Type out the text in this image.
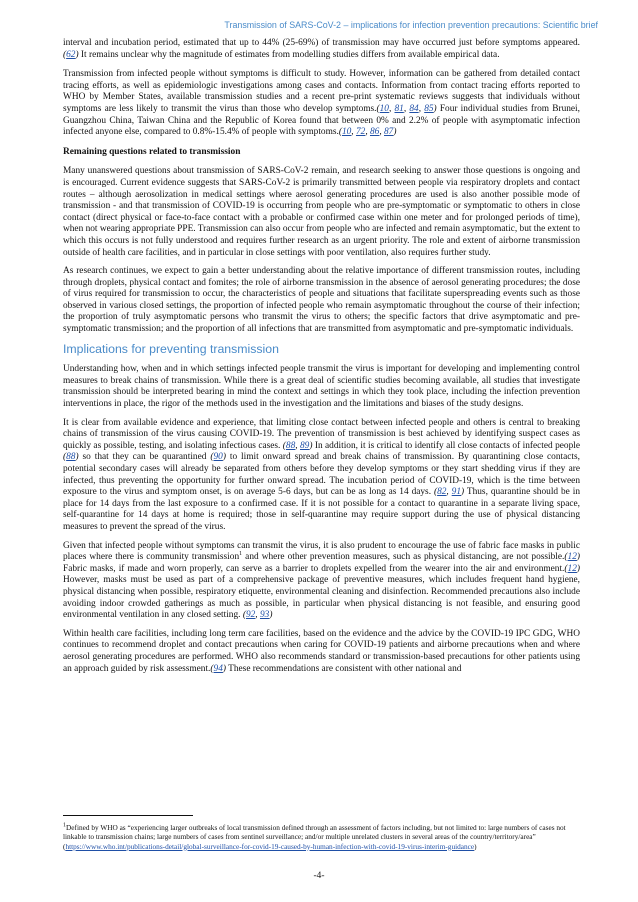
Transmission of SARS-CoV-2 – implications for infection prevention precautions: Scientific brief

interval and incubation period, estimated that up to 44% (25-69%) of transmission may have occurred just before symptoms appeared.(62) It remains unclear why the magnitude of estimates from modelling studies differs from available empirical data.

Transmission from infected people without symptoms is difficult to study. However, information can be gathered from detailed contact tracing efforts, as well as epidemiologic investigations among cases and contacts. Information from contact tracing efforts reported to WHO by Member States, available transmission studies and a recent pre-print systematic reviews suggests that individuals without symptoms are less likely to transmit the virus than those who develop symptoms.(10, 81, 84, 85) Four individual studies from Brunei, Guangzhou China, Taiwan China and the Republic of Korea found that between 0% and 2.2% of people with asymptomatic infection infected anyone else, compared to 0.8%-15.4% of people with symptoms.(10, 72, 86, 87)

Remaining questions related to transmission

Many unanswered questions about transmission of SARS-CoV-2 remain, and research seeking to answer those questions is ongoing and is encouraged. Current evidence suggests that SARS-CoV-2 is primarily transmitted between people via respiratory droplets and contact routes – although aerosolization in medical settings where aerosol generating procedures are used is also another possible mode of transmission - and that transmission of COVID-19 is occurring from people who are pre-symptomatic or symptomatic to others in close contact (direct physical or face-to-face contact with a probable or confirmed case within one meter and for prolonged periods of time), when not wearing appropriate PPE. Transmission can also occur from people who are infected and remain asymptomatic, but the extent to which this occurs is not fully understood and requires further research as an urgent priority. The role and extent of airborne transmission outside of health care facilities, and in particular in close settings with poor ventilation, also requires further study.

As research continues, we expect to gain a better understanding about the relative importance of different transmission routes, including through droplets, physical contact and fomites; the role of airborne transmission in the absence of aerosol generating procedures; the dose of virus required for transmission to occur, the characteristics of people and situations that facilitate superspreading events such as those observed in various closed settings, the proportion of infected people who remain asymptomatic throughout the course of their infection; the proportion of truly asymptomatic persons who transmit the virus to others; the specific factors that drive asymptomatic and pre-symptomatic transmission; and the proportion of all infections that are transmitted from asymptomatic and pre-symptomatic individuals.

Implications for preventing transmission

Understanding how, when and in which settings infected people transmit the virus is important for developing and implementing control measures to break chains of transmission. While there is a great deal of scientific studies becoming available, all studies that investigate transmission should be interpreted bearing in mind the context and settings in which they took place, including the infection prevention interventions in place, the rigor of the methods used in the investigation and the limitations and biases of the study designs.

It is clear from available evidence and experience, that limiting close contact between infected people and others is central to breaking chains of transmission of the virus causing COVID-19. The prevention of transmission is best achieved by identifying suspect cases as quickly as possible, testing, and isolating infectious cases. (88, 89) In addition, it is critical to identify all close contacts of infected people (88) so that they can be quarantined (90) to limit onward spread and break chains of transmission. By quarantining close contacts, potential secondary cases will already be separated from others before they develop symptoms or they start shedding virus if they are infected, thus preventing the opportunity for further onward spread. The incubation period of COVID-19, which is the time between exposure to the virus and symptom onset, is on average 5-6 days, but can be as long as 14 days. (82, 91) Thus, quarantine should be in place for 14 days from the last exposure to a confirmed case. If it is not possible for a contact to quarantine in a separate living space, self-quarantine for 14 days at home is required; those in self-quarantine may require support during the use of physical distancing measures to prevent the spread of the virus.

Given that infected people without symptoms can transmit the virus, it is also prudent to encourage the use of fabric face masks in public places where there is community transmission$^1$ and where other prevention measures, such as physical distancing, are not possible.(12) Fabric masks, if made and worn properly, can serve as a barrier to droplets expelled from the wearer into the air and environment.(12) However, masks must be used as part of a comprehensive package of preventive measures, which includes frequent hand hygiene, physical distancing when possible, respiratory etiquette, environmental cleaning and disinfection. Recommended precautions also include avoiding indoor crowded gatherings as much as possible, in particular when physical distancing is not feasible, and ensuring good environmental ventilation in any closed setting. (92, 93)

Within health care facilities, including long term care facilities, based on the evidence and the advice by the COVID-19 IPC GDG, WHO continues to recommend droplet and contact precautions when caring for COVID-19 patients and airborne precautions when and where aerosol generating procedures are performed. WHO also recommends standard or transmission-based precautions for other patients using an approach guided by risk assessment.(94) These recommendations are consistent with other national and

$^1$Defined by WHO as “experiencing larger outbreaks of local transmission defined through an assessment of factors including, but not limited to: large numbers of cases not linkable to transmission chains; large numbers of cases from sentinel surveillance; and/or multiple unrelated clusters in several areas of the country/territory/area” (https://www.who.int/publications-detail/global-surveillance-for-covid-19-caused-by-human-infection-with-covid-19-virus-interim-guidance)
-4-
